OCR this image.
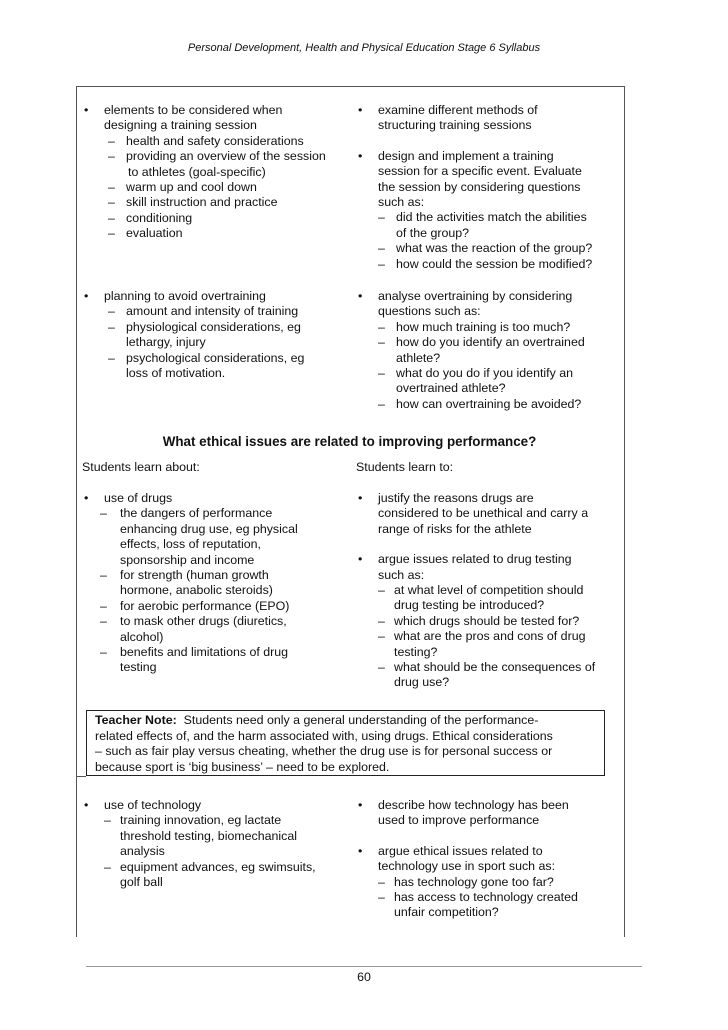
Personal Development, Health and Physical Education Stage 6 Syllabus
• elements to be considered when
designing a training session
– health and safety considerations
– providing an overview of the session
to athletes (goal-specific)
– warm up and cool down
– skill instruction and practice
– conditioning
– evaluation
• examine different methods of
structuring training sessions
• design and implement a training
session for a specific event. Evaluate
the session by considering questions
such as:
– did the activities match the abilities
of the group?
– what was the reaction of the group?
– how could the session be modified?
• planning to avoid overtraining
– amount and intensity of training
– physiological considerations, eg
lethargy, injury
– psychological considerations, eg
loss of motivation.
• analyse overtraining by considering
questions such as:
– how much training is too much?
– how do you identify an overtrained
athlete?
– what do you do if you identify an
overtrained athlete?
– how can overtraining be avoided?
What ethical issues are related to improving performance?
Students learn about:	Students learn to:
• use of drugs
– the dangers of performance
enhancing drug use, eg physical
effects, loss of reputation,
sponsorship and income
– for strength (human growth
hormone, anabolic steroids)
– for aerobic performance (EPO)
– to mask other drugs (diuretics,
alcohol)
– benefits and limitations of drug
testing
• justify the reasons drugs are
considered to be unethical and carry a
range of risks for the athlete
• argue issues related to drug testing
such as:
– at what level of competition should
drug testing be introduced?
– which drugs should be tested for?
– what are the pros and cons of drug
testing?
– what should be the consequences of
drug use?
Teacher Note: Students need only a general understanding of the performance-
related effects of, and the harm associated with, using drugs. Ethical considerations
– such as fair play versus cheating, whether the drug use is for personal success or
because sport is ‘big business’ – need to be explored.
• use of technology
– training innovation, eg lactate
threshold testing, biomechanical
analysis
– equipment advances, eg swimsuits,
golf ball
• describe how technology has been
used to improve performance
• argue ethical issues related to
technology use in sport such as:
– has technology gone too far?
– has access to technology created
unfair competition?
60
